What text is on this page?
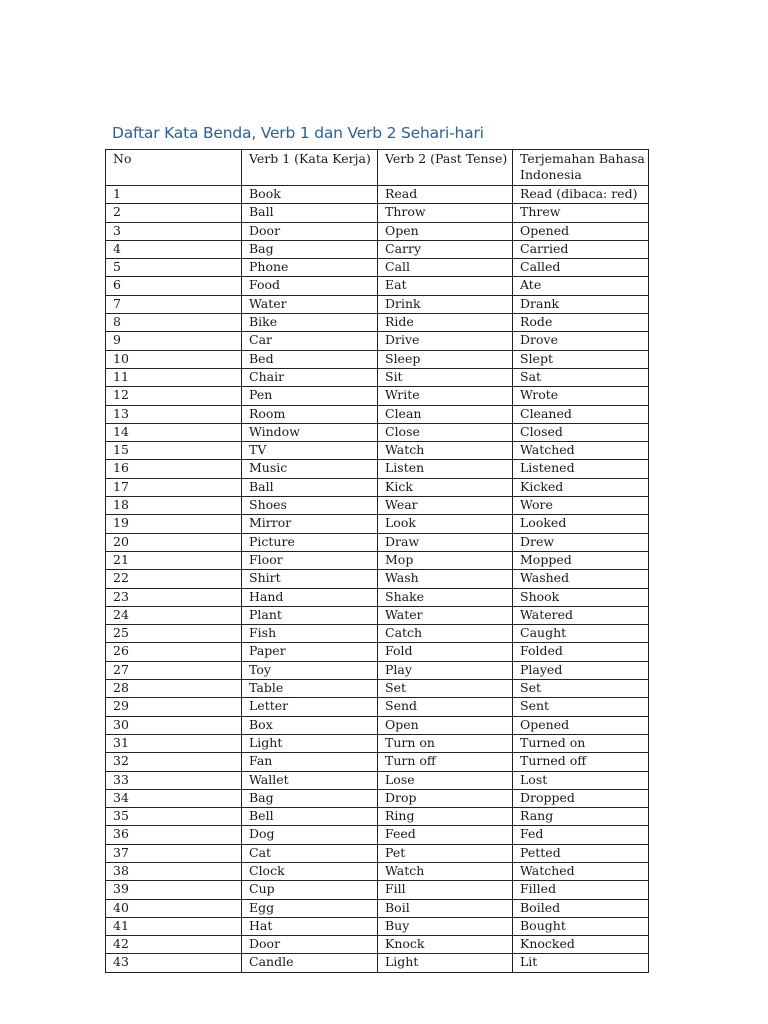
Daftar Kata Benda, Verb 1 dan Verb 2 Sehari-hari
No	Verb 1 (Kata Kerja)	Verb 2 (Past Tense)	Terjemahan Bahasa Indonesia
1	Book	Read	Read (dibaca: red)
2	Ball	Throw	Threw
3	Door	Open	Opened
4	Bag	Carry	Carried
5	Phone	Call	Called
6	Food	Eat	Ate
7	Water	Drink	Drank
8	Bike	Ride	Rode
9	Car	Drive	Drove
10	Bed	Sleep	Slept
11	Chair	Sit	Sat
12	Pen	Write	Wrote
13	Room	Clean	Cleaned
14	Window	Close	Closed
15	TV	Watch	Watched
16	Music	Listen	Listened
17	Ball	Kick	Kicked
18	Shoes	Wear	Wore
19	Mirror	Look	Looked
20	Picture	Draw	Drew
21	Floor	Mop	Mopped
22	Shirt	Wash	Washed
23	Hand	Shake	Shook
24	Plant	Water	Watered
25	Fish	Catch	Caught
26	Paper	Fold	Folded
27	Toy	Play	Played
28	Table	Set	Set
29	Letter	Send	Sent
30	Box	Open	Opened
31	Light	Turn on	Turned on
32	Fan	Turn off	Turned off
33	Wallet	Lose	Lost
34	Bag	Drop	Dropped
35	Bell	Ring	Rang
36	Dog	Feed	Fed
37	Cat	Pet	Petted
38	Clock	Watch	Watched
39	Cup	Fill	Filled
40	Egg	Boil	Boiled
41	Hat	Buy	Bought
42	Door	Knock	Knocked
43	Candle	Light	Lit
